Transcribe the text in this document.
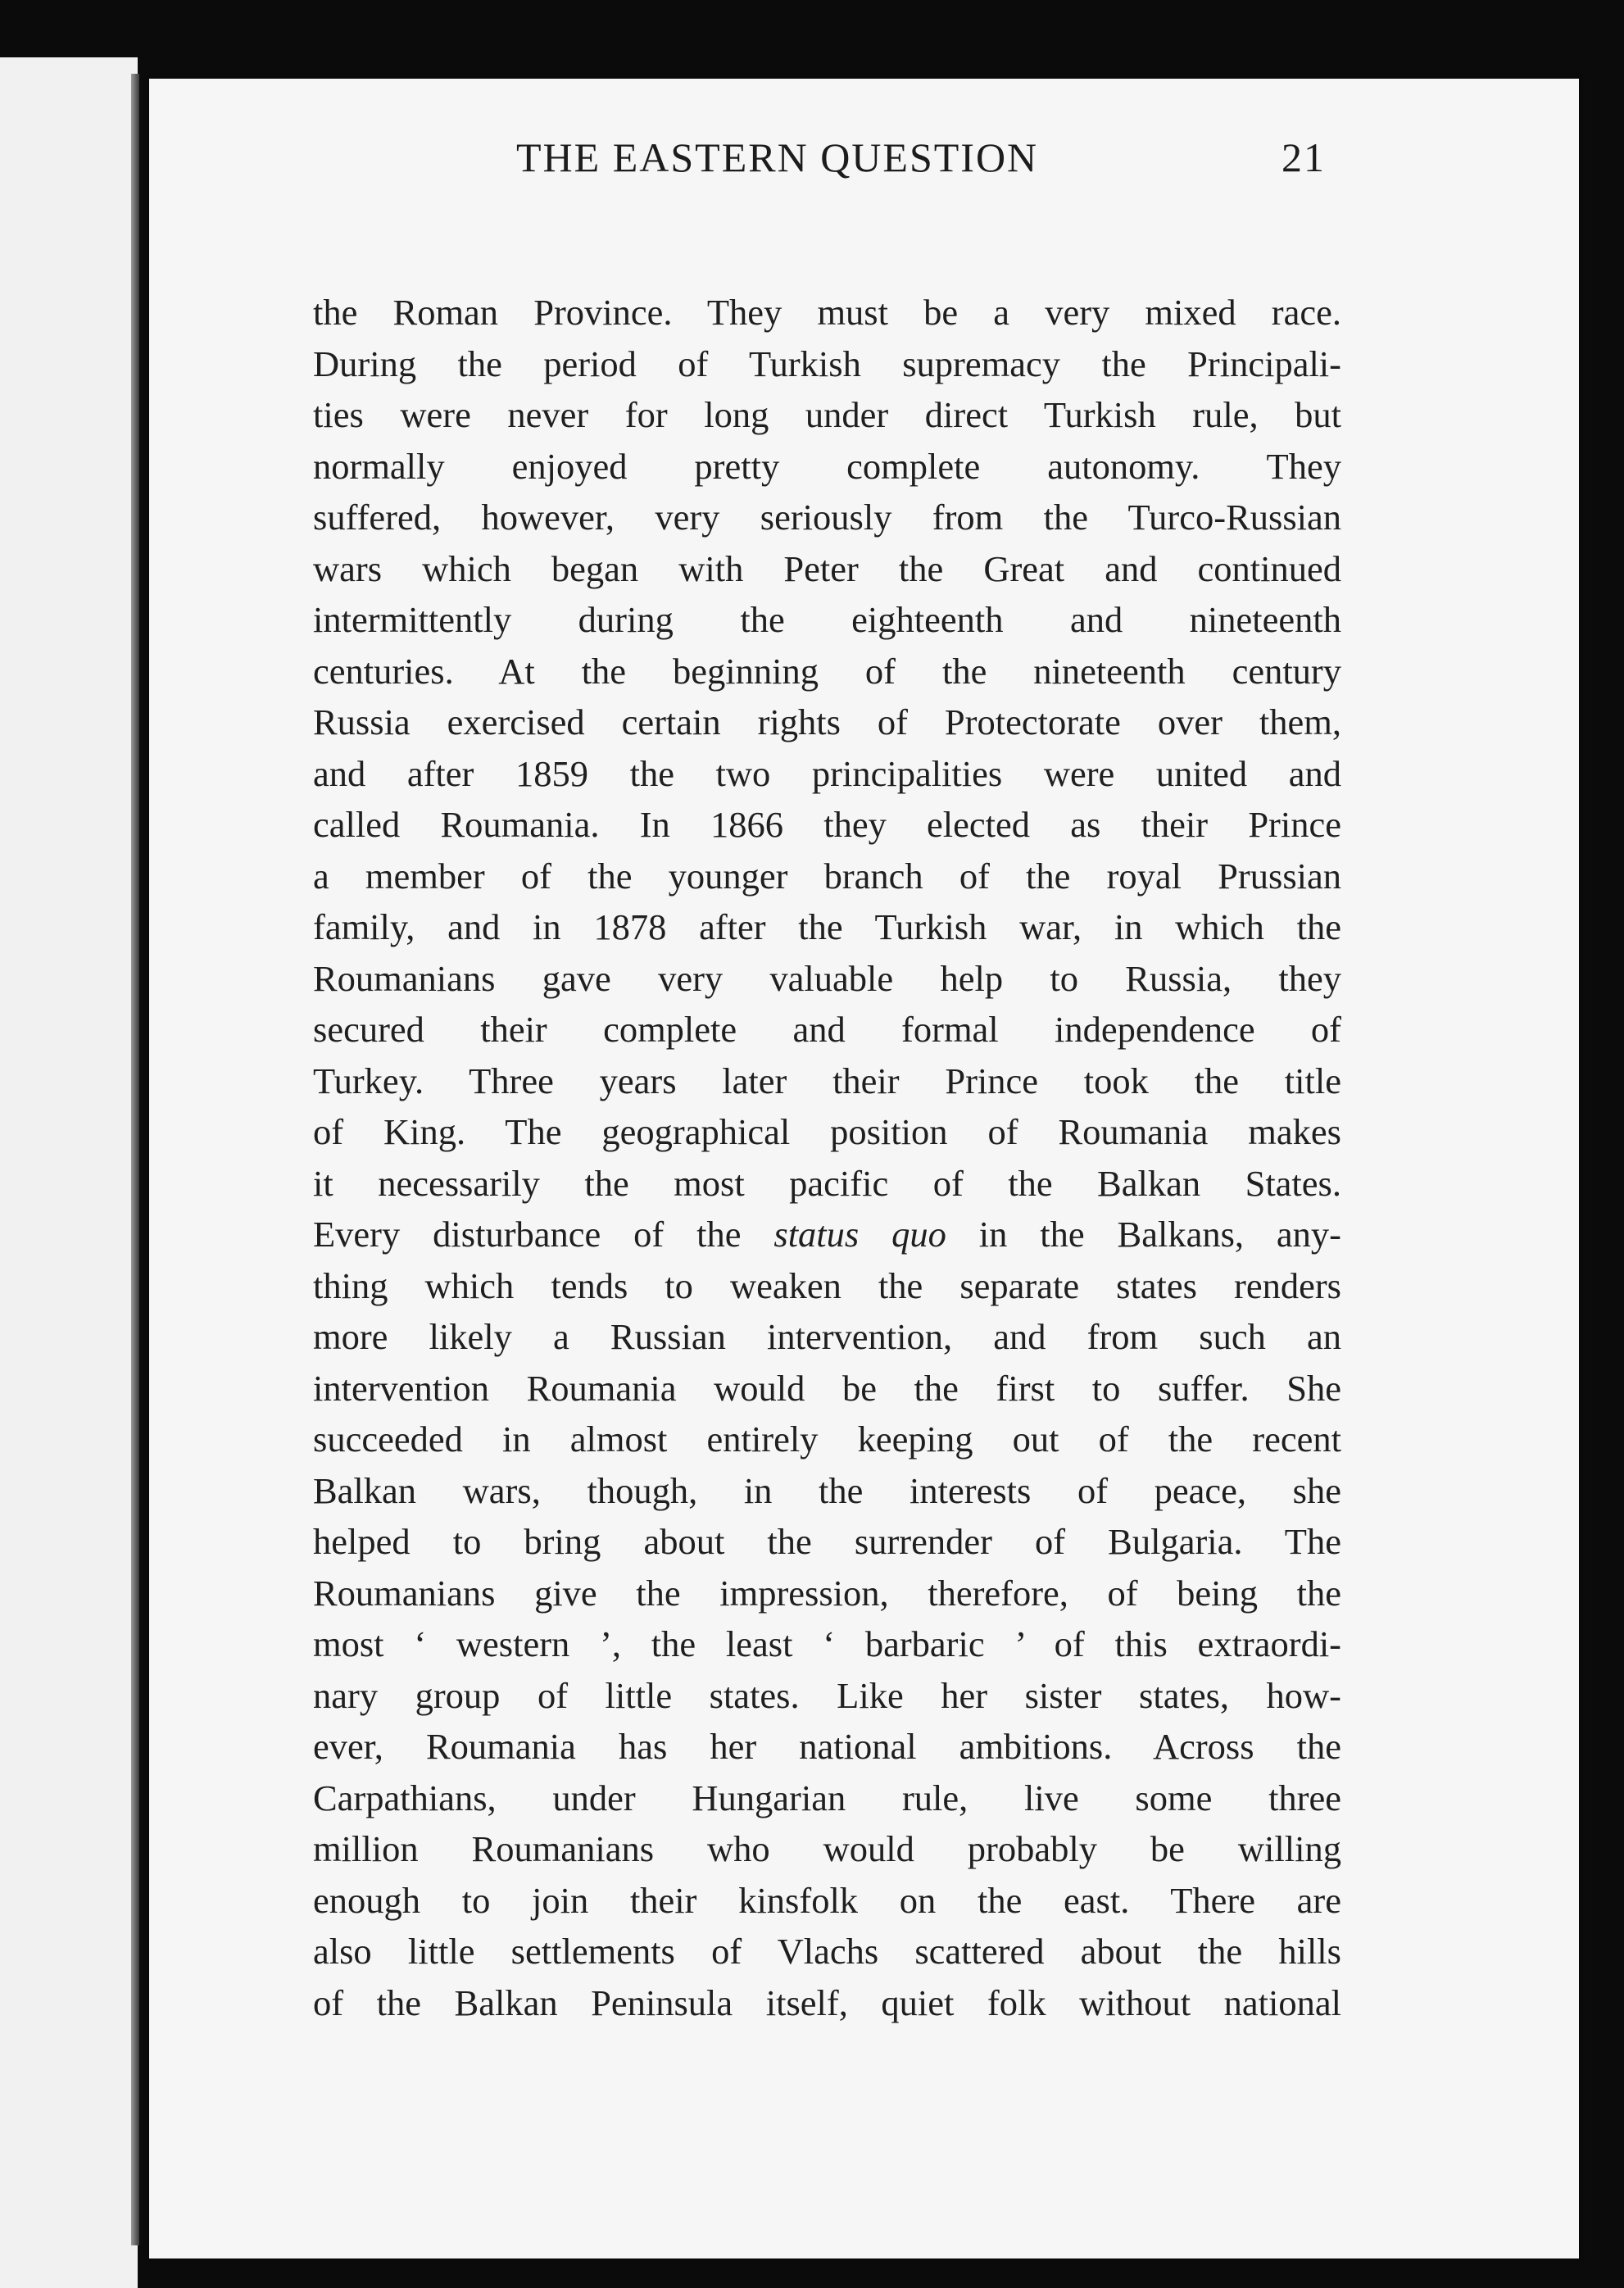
THE EASTERN QUESTION	21
the Roman Province. They must be a very mixed race.
During the period of Turkish supremacy the Principali-
ties were never for long under direct Turkish rule, but
normally enjoyed pretty complete autonomy. They
suffered, however, very seriously from the Turco-Russian
wars which began with Peter the Great and continued
intermittently during the eighteenth and nineteenth
centuries. At the beginning of the nineteenth century
Russia exercised certain rights of Protectorate over them,
and after 1859 the two principalities were united and
called Roumania. In 1866 they elected as their Prince
a member of the younger branch of the royal Prussian
family, and in 1878 after the Turkish war, in which the
Roumanians gave very valuable help to Russia, they
secured their complete and formal independence of
Turkey. Three years later their Prince took the title
of King. The geographical position of Roumania makes
it necessarily the most pacific of the Balkan States.
Every disturbance of the status quo in the Balkans, any-
thing which tends to weaken the separate states renders
more likely a Russian intervention, and from such an
intervention Roumania would be the first to suffer. She
succeeded in almost entirely keeping out of the recent
Balkan wars, though, in the interests of peace, she
helped to bring about the surrender of Bulgaria. The
Roumanians give the impression, therefore, of being the
most ‘ western ’, the least ‘ barbaric ’ of this extraordi-
nary group of little states. Like her sister states, how-
ever, Roumania has her national ambitions. Across the
Carpathians, under Hungarian rule, live some three
million Roumanians who would probably be willing
enough to join their kinsfolk on the east. There are
also little settlements of Vlachs scattered about the hills
of the Balkan Peninsula itself, quiet folk without national
